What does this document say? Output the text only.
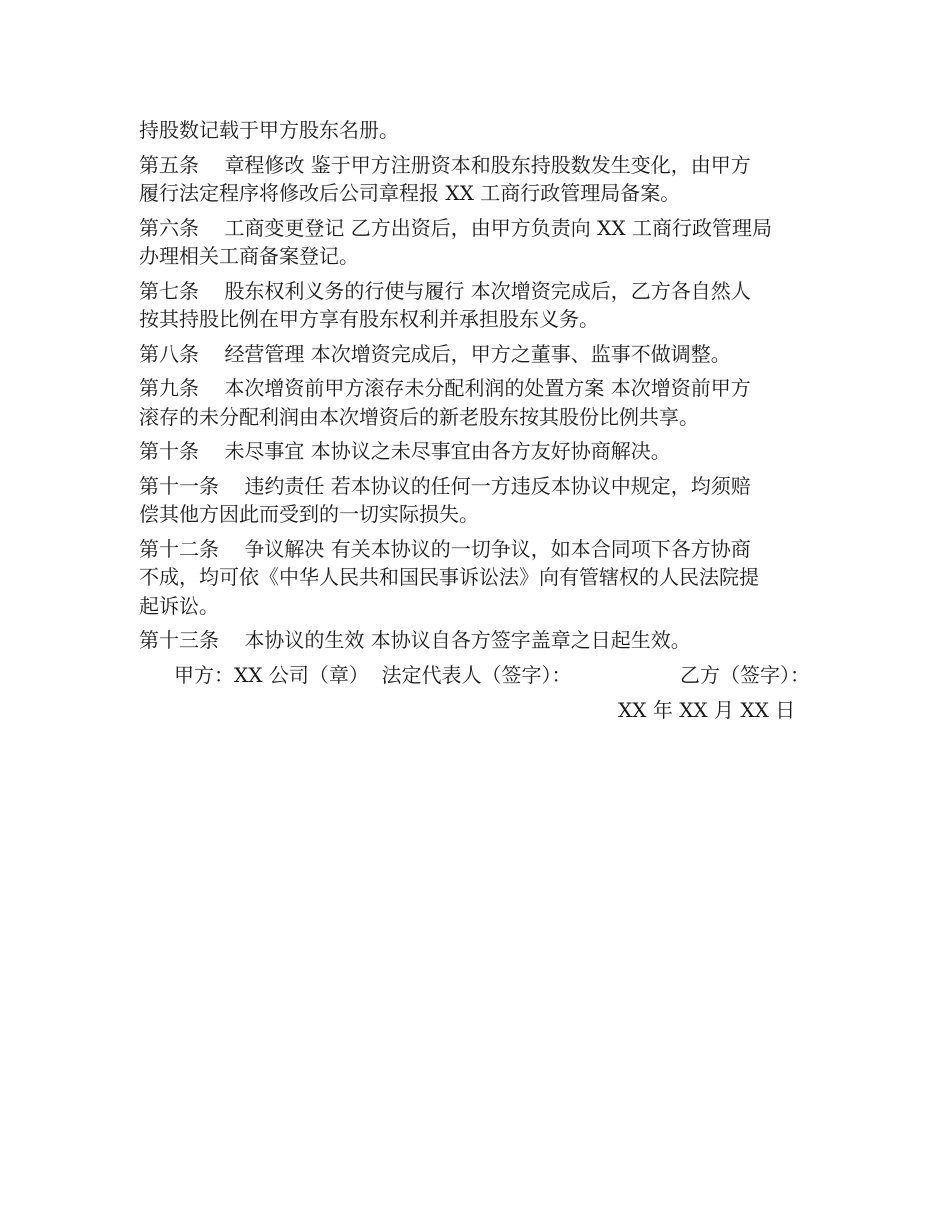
持股数记载于甲方股东名册。
第五条 章程修改 鉴于甲方注册资本和股东持股数发生变化，由甲方
履行法定程序将修改后公司章程报 XX 工商行政管理局备案。
第六条 工商变更登记 乙方出资后，由甲方负责向 XX 工商行政管理局
办理相关工商备案登记。
第七条 股东权利义务的行使与履行 本次增资完成后，乙方各自然人
按其持股比例在甲方享有股东权利并承担股东义务。
第八条 经营管理 本次增资完成后，甲方之董事、监事不做调整。
第九条 本次增资前甲方滚存未分配利润的处置方案 本次增资前甲方
滚存的未分配利润由本次增资后的新老股东按其股份比例共享。
第十条 未尽事宜 本协议之未尽事宜由各方友好协商解决。
第十一条 违约责任 若本协议的任何一方违反本协议中规定，均须赔
偿其他方因此而受到的一切实际损失。
第十二条 争议解决 有关本协议的一切争议，如本合同项下各方协商
不成，均可依《中华人民共和国民事诉讼法》向有管辖权的人民法院提
起诉讼。
第十三条 本协议的生效 本协议自各方签字盖章之日起生效。
甲方：XX 公司（章）  法定代表人（签字）：	乙方（签字）：
XX 年 XX 月 XX 日
